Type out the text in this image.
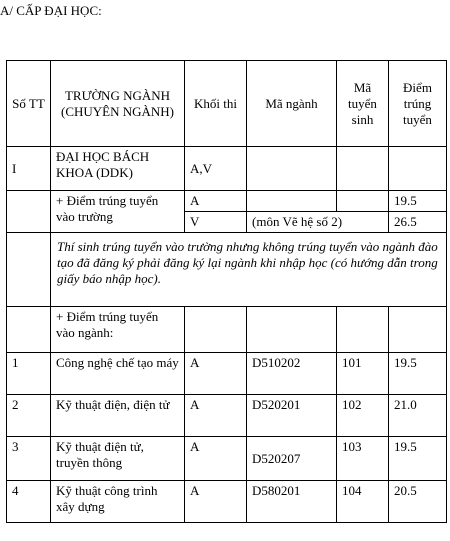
A/ CẤP ĐẠI HỌC:
Số TT	TRƯỜNG NGÀNH (CHUYÊN NGÀNH)	Khối thi	Mã ngành	Mã tuyển sinh	Điểm trúng tuyển
I	ĐẠI HỌC BÁCH KHOA (DDK)	A,V			
	+ Điểm trúng tuyển vào trường	A			19.5
		V	(môn Vẽ hệ số 2)		26.5
	Thí sinh trúng tuyển vào trường nhưng không trúng tuyển vào ngành đào tạo đã đăng ký phải đăng ký lại ngành khi nhập học (có hướng dẫn trong giấy báo nhập học).				
	+ Điểm trúng tuyển vào ngành:				
1	Công nghệ chế tạo máy	A	D510202	101	19.5
2	Kỹ thuật điện, điện tử	A	D520201	102	21.0
3	Kỹ thuật điện tử, truyền thông	A	D520207	103	19.5
4	Kỹ thuật công trình xây dựng	A	D580201	104	20.5
